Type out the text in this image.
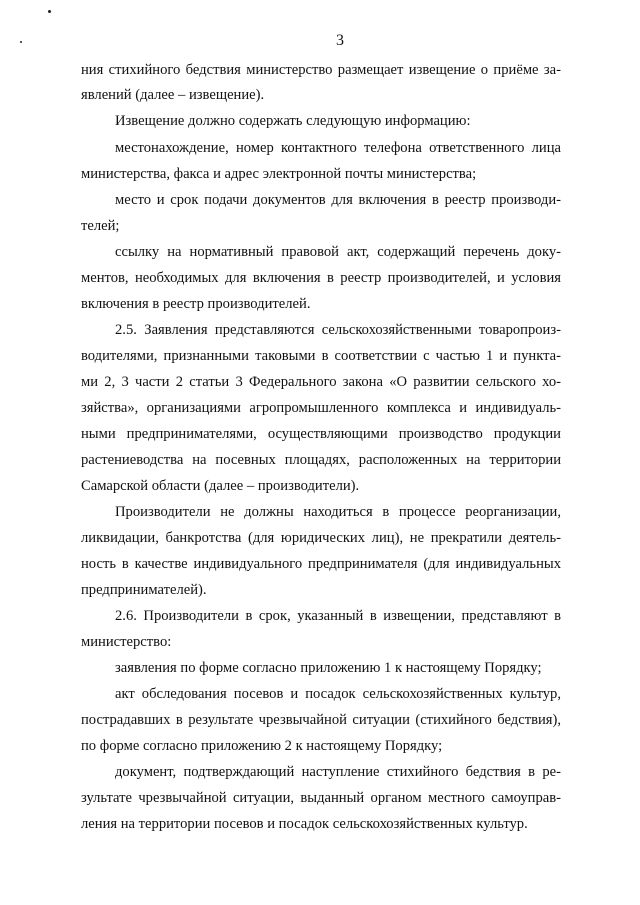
3
ния стихийного бедствия министерство размещает извещение о приёме за-
явлений (далее – извещение).
Извещение должно содержать следующую информацию:
местонахождение, номер контактного телефона ответственного лица
министерства, факса и адрес электронной почты министерства;
место и срок подачи документов для включения в реестр производи-
телей;
ссылку на нормативный правовой акт, содержащий перечень доку-
ментов, необходимых для включения в реестр производителей, и условия
включения в реестр производителей.
2.5. Заявления представляются сельскохозяйственными товаропроиз-
водителями, признанными таковыми в соответствии с частью 1 и пункта-
ми 2, 3 части 2 статьи 3 Федерального закона «О развитии сельского хо-
зяйства», организациями агропромышленного комплекса и индивидуаль-
ными предпринимателями, осуществляющими производство продукции
растениеводства на посевных площадях, расположенных на территории
Самарской области (далее – производители).
Производители не должны находиться в процессе реорганизации,
ликвидации, банкротства (для юридических лиц), не прекратили деятель-
ность в качестве индивидуального предпринимателя (для индивидуальных
предпринимателей).
2.6. Производители в срок, указанный в извещении, представляют в
министерство:
заявления по форме согласно приложению 1 к настоящему Порядку;
акт обследования посевов и посадок сельскохозяйственных культур,
пострадавших в результате чрезвычайной ситуации (стихийного бедствия),
по форме согласно приложению 2 к настоящему Порядку;
документ, подтверждающий наступление стихийного бедствия в ре-
зультате чрезвычайной ситуации, выданный органом местного самоуправ-
ления на территории посевов и посадок сельскохозяйственных культур.
